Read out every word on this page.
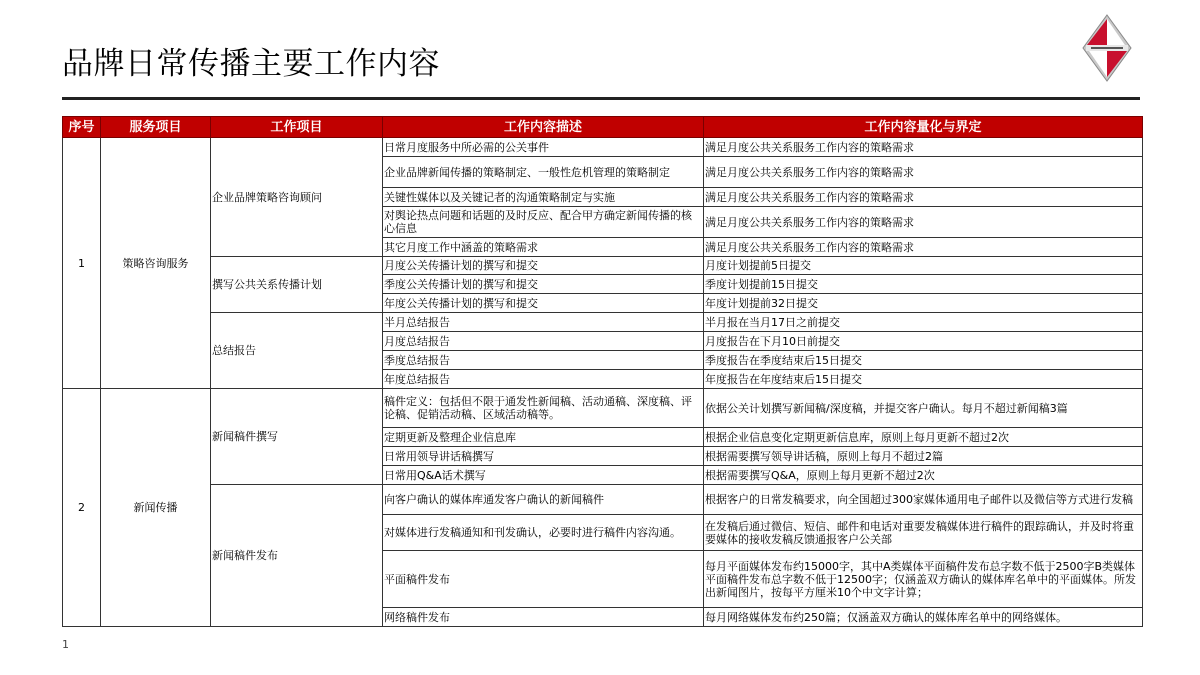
品牌日常传播主要工作内容
序号	服务项目	工作项目	工作内容描述	工作内容量化与界定
1	策略咨询服务	企业品牌策略咨询顾问	日常月度服务中所必需的公关事件	满足月度公共关系服务工作内容的策略需求
			企业品牌新闻传播的策略制定、一般性危机管理的策略制定	满足月度公共关系服务工作内容的策略需求
			关键性媒体以及关键记者的沟通策略制定与实施	满足月度公共关系服务工作内容的策略需求
			对舆论热点问题和话题的及时反应、配合甲方确定新闻传播的核心信息	满足月度公共关系服务工作内容的策略需求
			其它月度工作中涵盖的策略需求	满足月度公共关系服务工作内容的策略需求
		撰写公共关系传播计划	月度公关传播计划的撰写和提交	月度计划提前5日提交
			季度公关传播计划的撰写和提交	季度计划提前15日提交
			年度公关传播计划的撰写和提交	年度计划提前32日提交
		总结报告	半月总结报告	半月报在当月17日之前提交
			月度总结报告	月度报告在下月10日前提交
			季度总结报告	季度报告在季度结束后15日提交
			年度总结报告	年度报告在年度结束后15日提交
2	新闻传播	新闻稿件撰写	稿件定义：包括但不限于通发性新闻稿、活动通稿、深度稿、评论稿、促销活动稿、区域活动稿等。	依据公关计划撰写新闻稿/深度稿，并提交客户确认。每月不超过新闻稿3篇
			定期更新及整理企业信息库	根据企业信息变化定期更新信息库，原则上每月更新不超过2次
			日常用领导讲话稿撰写	根据需要撰写领导讲话稿，原则上每月不超过2篇
			日常用Q&A话术撰写	根据需要撰写Q&A，原则上每月更新不超过2次
		新闻稿件发布	向客户确认的媒体库通发客户确认的新闻稿件	根据客户的日常发稿要求，向全国超过300家媒体通用电子邮件以及微信等方式进行发稿
			对媒体进行发稿通知和刊发确认，必要时进行稿件内容沟通。	在发稿后通过微信、短信、邮件和电话对重要发稿媒体进行稿件的跟踪确认，并及时将重要媒体的接收发稿反馈通报客户公关部
			平面稿件发布	每月平面媒体发布约15000字，其中A类媒体平面稿件发布总字数不低于2500字B类媒体平面稿件发布总字数不低于12500字；仅涵盖双方确认的媒体库名单中的平面媒体。所发出新闻图片，按每平方厘米10个中文字计算；
			网络稿件发布	每月网络媒体发布约250篇；仅涵盖双方确认的媒体库名单中的网络媒体。
1
